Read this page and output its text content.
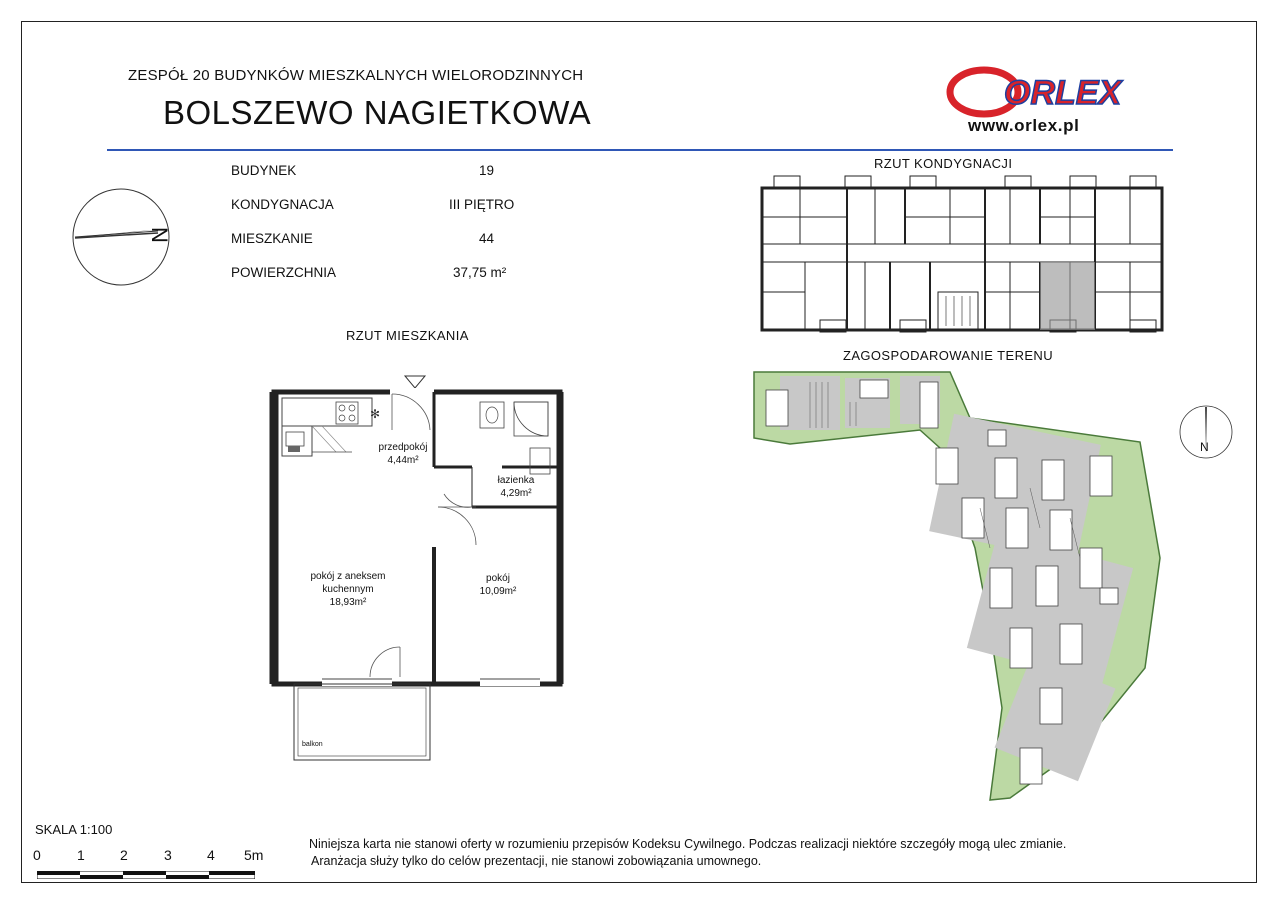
ZESPÓŁ 20 BUDYNKÓW MIESZKALNYCH WIELORODZINNYCH
BOLSZEWO NAGIETKOWA
ORLEX
www.orlex.pl
BUDYNEK	19
KONDYGNACJA	III PIĘTRO
MIESZKANIE	44
POWIERZCHNIA	37,75 m²
N
RZUT MIESZKANIA
RZUT KONDYGNACJI
ZAGOSPODAROWANIE TERENU
✻
przedpokój
4,44m²
łazienka
4,29m²
pokój z aneksem
kuchennym
18,93m²
pokój
10,09m²
balkon
N
SKALA 1:100
0	1	2	3	4 5m
Niniejsza karta nie stanowi oferty w rozumieniu przepisów Kodeksu Cywilnego. Podczas realizacji niektóre szczegóły mogą ulec zmianie.
Aranżacja służy tylko do celów prezentacji, nie stanowi zobowiązania umownego.
